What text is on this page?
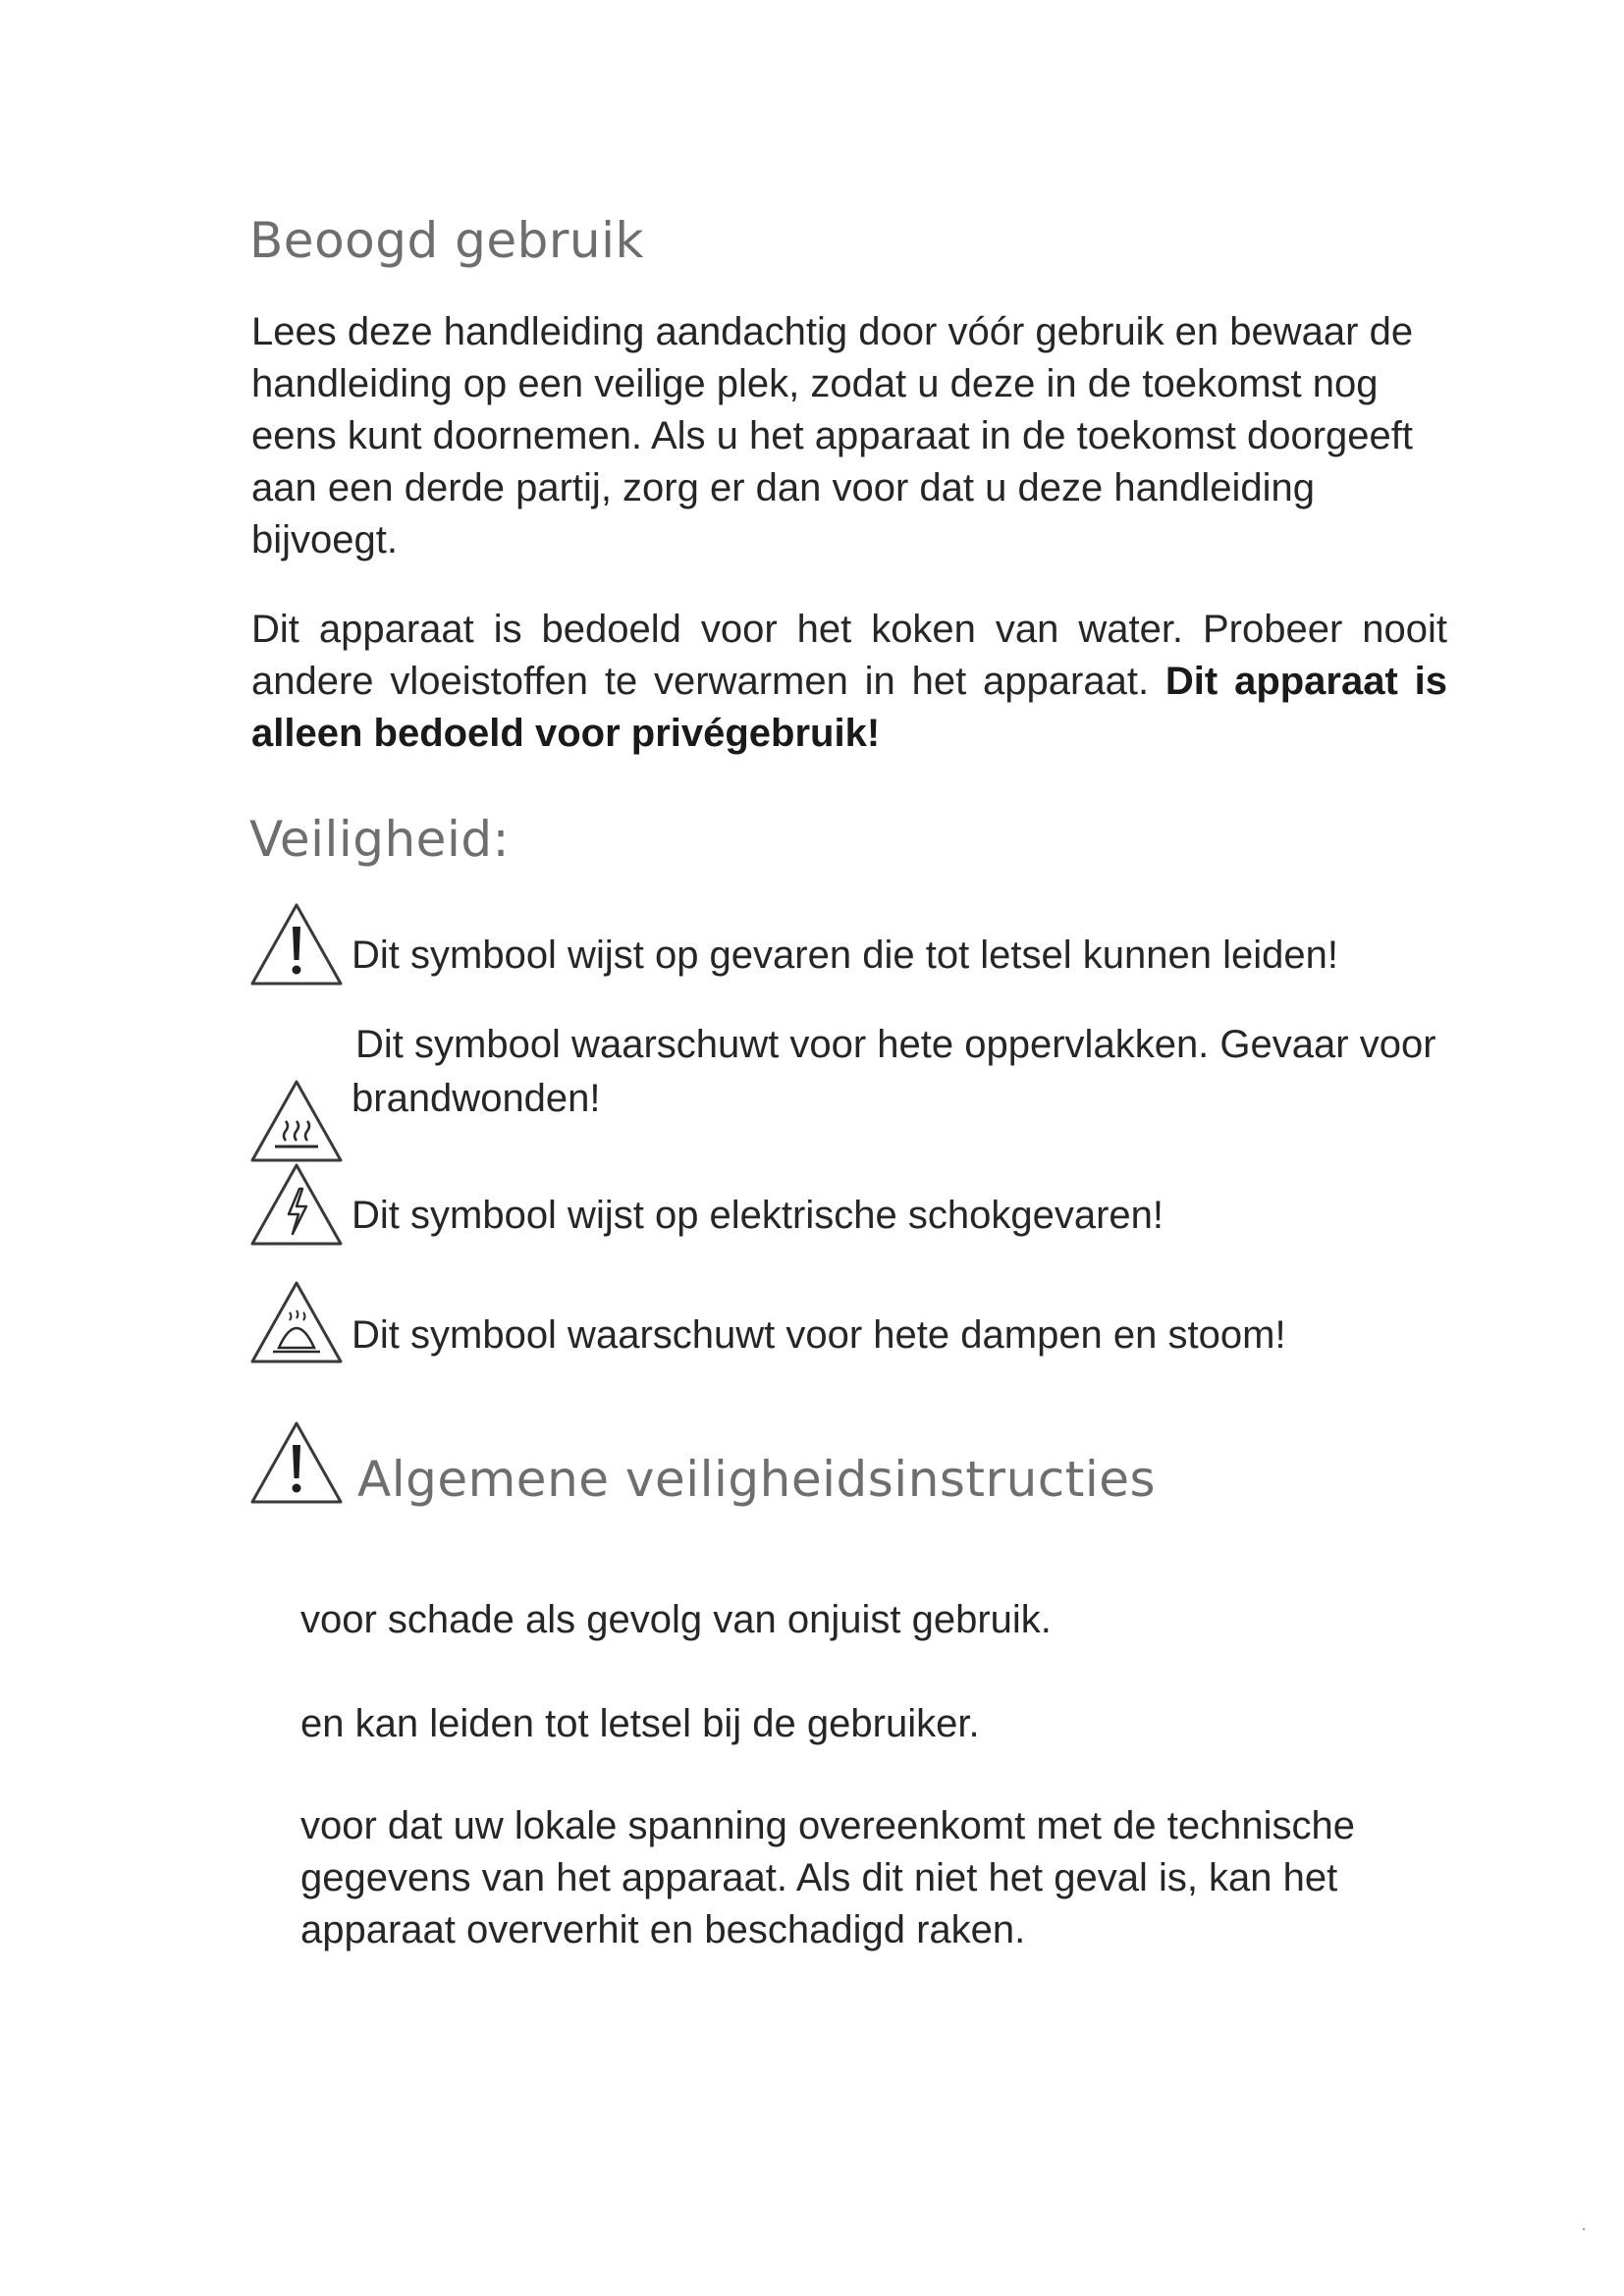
Beoogd gebruik

Lees deze handleiding aandachtig door vóór gebruik en bewaar de handleiding op een veilige plek, zodat u deze in de toekomst nog eens kunt doornemen. Als u het apparaat in de toekomst doorgeeft aan een derde partij, zorg er dan voor dat u deze handleiding bijvoegt.

Dit apparaat is bedoeld voor het koken van water. Probeer nooit andere vloeistoffen te verwarmen in het apparaat. Dit apparaat is alleen bedoeld voor privégebruik!

Veiligheid:

Dit symbool wijst op gevaren die tot letsel kunnen leiden!

Dit symbool waarschuwt voor hete oppervlakken. Gevaar voor brandwonden!

Dit symbool wijst op elektrische schokgevaren!

Dit symbool waarschuwt voor hete dampen en stoom!

Algemene veiligheidsinstructies

voor schade als gevolg van onjuist gebruik.

en kan leiden tot letsel bij de gebruiker.

voor dat uw lokale spanning overeenkomt met de technische gegevens van het apparaat. Als dit niet het geval is, kan het apparaat oververhit en beschadigd raken.
